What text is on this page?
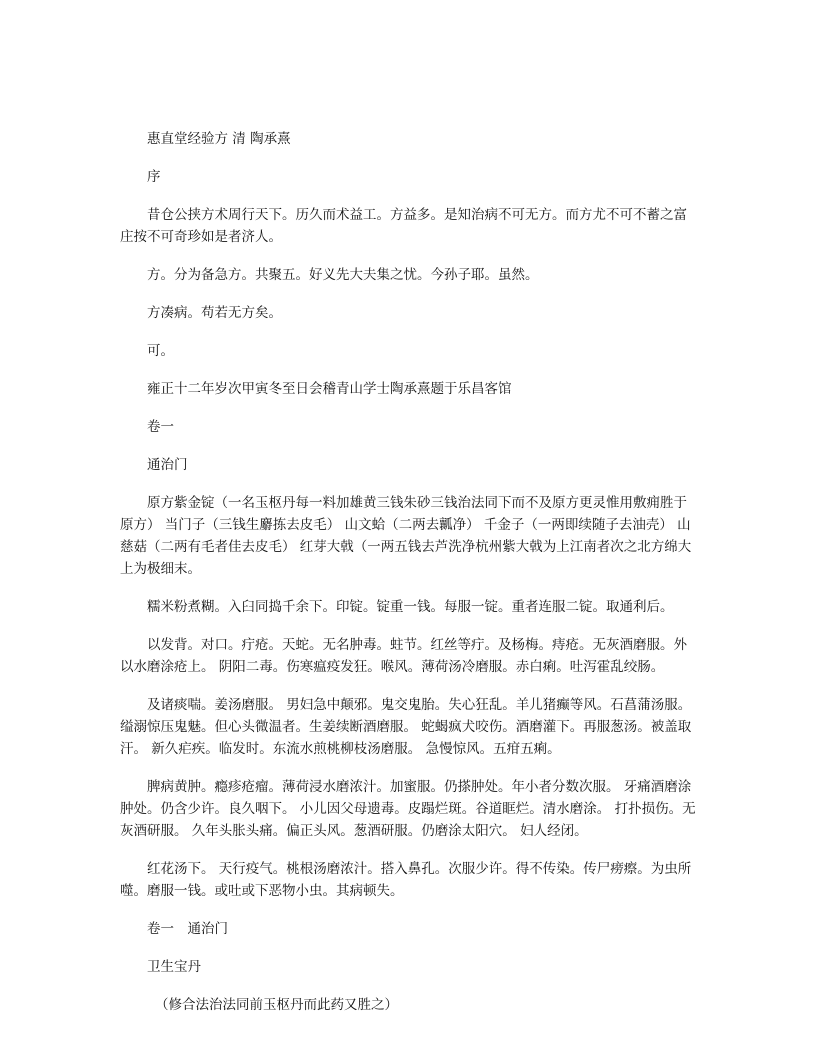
惠直堂经验方 清 陶承熹

序

昔仓公挟方术周行天下。历久而术益工。方益多。是知治病不可无方。而方尤不可不蓄之富庄按不可奇珍如是者济人。

方。分为备急方。共聚五。好义先大夫集之忧。今孙子耶。虽然。

方凑病。苟若无方矣。

可。

雍正十二年岁次甲寅冬至日会稽青山学士陶承熹题于乐昌客馆

卷一

通治门

原方紫金锭（一名玉枢丹每一料加雄黄三钱朱砂三钱治法同下而不及原方更灵惟用敷痈胜于原方） 当门子（三钱生麝拣去皮毛） 山文蛤（二两去瓤净） 千金子（一两即续随子去油壳） 山慈菇（二两有毛者佳去皮毛） 红芽大戟（一两五钱去芦洗净杭州紫大戟为上江南者次之北方绵大上为极细末。

糯米粉煮糊。入臼同捣千余下。印锭。锭重一钱。每服一锭。重者连服二锭。取通利后。

以发背。对口。疔疮。天蛇。无名肿毒。蛀节。红丝等疔。及杨梅。痔疮。无灰酒磨服。外以水磨涂疮上。 阴阳二毒。伤寒瘟疫发狂。喉风。薄荷汤冷磨服。赤白痢。吐泻霍乱绞肠。

及诸痰喘。姜汤磨服。 男妇急中颠邪。鬼交鬼胎。失心狂乱。羊儿猪癫等风。石菖蒲汤服。缢溺惊压鬼魅。但心头微温者。生姜续断酒磨服。 蛇蝎疯犬咬伤。酒磨灌下。再服葱汤。被盖取汗。 新久疟疾。临发时。东流水煎桃柳枝汤磨服。 急慢惊风。五疳五痢。

脾病黄肿。瘾疹疮瘤。薄荷浸水磨浓汁。加蜜服。仍搽肿处。年小者分数次服。 牙痛酒磨涂肿处。仍含少许。良久咽下。 小儿因父母遗毒。皮蹋烂斑。谷道眶烂。清水磨涂。 打扑损伤。无灰酒研服。 久年头胀头痛。偏正头风。葱酒研服。仍磨涂太阳穴。 妇人经闭。

红花汤下。 天行疫气。桃根汤磨浓汁。搭入鼻孔。次服少许。得不传染。传尸痨瘵。为虫所噬。磨服一钱。或吐或下恶物小虫。其病顿失。

卷一　通治门

卫生宝丹

（修合法治法同前玉枢丹而此药又胜之）
